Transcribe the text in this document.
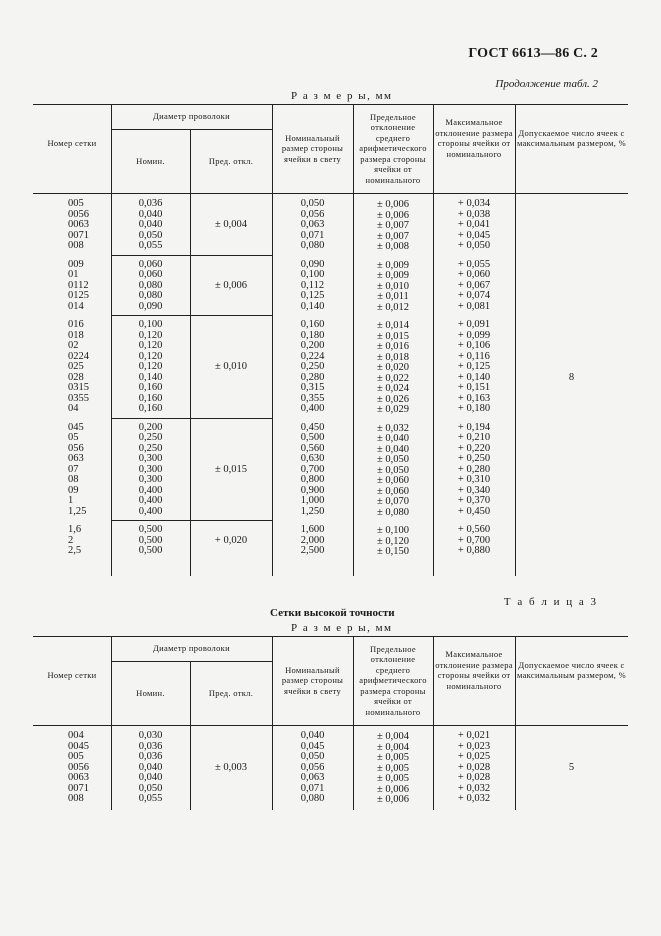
ГОСТ 6613—86 С. 2
Продолжение табл. 2
Р а з м е р ы, мм
Номер сетки
Диаметр проволоки
Номин.	Пред. откл.
Номинальный размер стороны ячейки в свету
Предельное отклонение среднего арифметического размера стороны ячейки от номинального
Максимальное отклонение размера стороны ячейки от номинального
Допускаемое число ячеек с максимальным размером, %
005
0056
0063
0071
008
0,036
0,040
0,040
0,050
0,055
± 0,004
0,050
0,056
0,063
0,071
0,080
± 0,006
± 0,006
± 0,007
± 0,007
± 0,008
+ 0,034
+ 0,038
+ 0,041
+ 0,045
+ 0,050
009
01
0112
0125
014
0,060
0,060
0,080
0,080
0,090
± 0,006
0,090
0,100
0,112
0,125
0,140
± 0,009
± 0,009
± 0,010
± 0,011
± 0,012
+ 0,055
+ 0,060
+ 0,067
+ 0,074
+ 0,081
016
018
02
0224
025
028
0315
0355
04
0,100
0,120
0,120
0,120
0,120
0,140
0,160
0,160
0,160
± 0,010
0,160
0,180
0,200
0,224
0,250
0,280
0,315
0,355
0,400
± 0,014
± 0,015
± 0,016
± 0,018
± 0,020
± 0,022
± 0,024
± 0,026
± 0,029
+ 0,091
+ 0,099
+ 0,106
+ 0,116
+ 0,125
+ 0,140
+ 0,151
+ 0,163
+ 0,180
045
05
056
063
07
08
09
1
1,25
0,200
0,250
0,250
0,300
0,300
0,300
0,400
0,400
0,400
± 0,015
0,450
0,500
0,560
0,630
0,700
0,800
0,900
1,000
1,250
± 0,032
± 0,040
± 0,040
± 0,050
± 0,050
± 0,060
± 0,060
± 0,070
± 0,080
+ 0,194
+ 0,210
+ 0,220
+ 0,250
+ 0,280
+ 0,310
+ 0,340
+ 0,370
+ 0,450
1,6
2
2,5
0,500
0,500
0,500
+ 0,020
1,600
2,000
2,500
± 0,100
± 0,120
± 0,150
+ 0,560
+ 0,700
+ 0,880
8
Т а б л и ц а 3
Сетки высокой точности
Р а з м е р ы, мм
Номер сетки
Диаметр проволоки
Номин.	Пред. откл.
Номинальный размер стороны ячейки в свету
Предельное отклонение среднего арифметического размера стороны ячейки от номинального
Максимальное отклонение размера стороны ячейки от номинального
Допускаемое число ячеек с максимальным размером, %
004
0045
005
0056
0063
0071
008
0,030
0,036
0,036
0,040
0,040
0,050
0,055
± 0,003
0,040
0,045
0,050
0,056
0,063
0,071
0,080
± 0,004
± 0,004
± 0,005
± 0,005
± 0,005
± 0,006
± 0,006
+ 0,021
+ 0,023
+ 0,025
+ 0,028
+ 0,028
+ 0,032
+ 0,032
5
